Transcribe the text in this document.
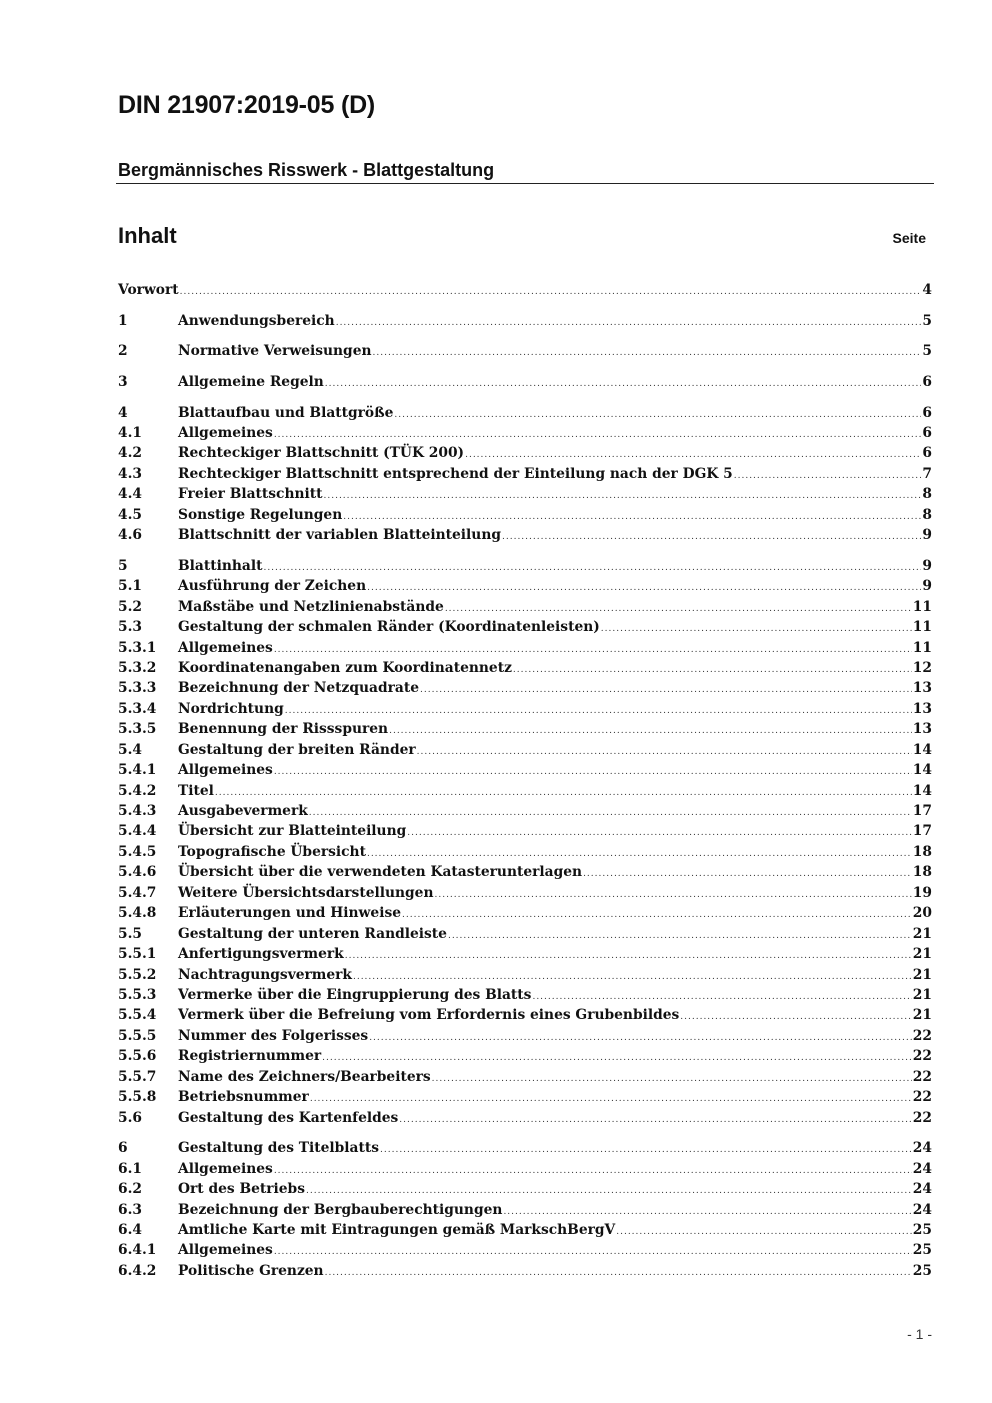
DIN 21907:2019-05 (D)
Bergmännisches Risswerk - Blattgestaltung
Inhalt	Seite
Vorwort .....	4
1	Anwendungsbereich .....	5
2	Normative Verweisungen .....	5
3	Allgemeine Regeln .....	6
4	Blattaufbau und Blattgröße .....	6
4.1	Allgemeines .....	6
4.2	Rechteckiger Blattschnitt (TÜK 200) .....	6
4.3	Rechteckiger Blattschnitt entsprechend der Einteilung nach der DGK 5 .....	7
4.4	Freier Blattschnitt .....	8
4.5	Sonstige Regelungen .....	8
4.6	Blattschnitt der variablen Blatteinteilung .....	9
5	Blattinhalt .....	9
5.1	Ausführung der Zeichen .....	9
5.2	Maßstäbe und Netzlinienabstände .....	11
5.3	Gestaltung der schmalen Ränder (Koordinatenleisten) .....	11
5.3.1	Allgemeines .....	11
5.3.2	Koordinatenangaben zum Koordinatennetz .....	12
5.3.3	Bezeichnung der Netzquadrate .....	13
5.3.4	Nordrichtung .....	13
5.3.5	Benennung der Rissspuren .....	13
5.4	Gestaltung der breiten Ränder .....	14
5.4.1	Allgemeines .....	14
5.4.2	Titel .....	14
5.4.3	Ausgabevermerk .....	17
5.4.4	Übersicht zur Blatteinteilung .....	17
5.4.5	Topografische Übersicht .....	18
5.4.6	Übersicht über die verwendeten Katasterunterlagen .....	18
5.4.7	Weitere Übersichtsdarstellungen .....	19
5.4.8	Erläuterungen und Hinweise .....	20
5.5	Gestaltung der unteren Randleiste .....	21
5.5.1	Anfertigungsvermerk .....	21
5.5.2	Nachtragungsvermerk .....	21
5.5.3	Vermerke über die Eingruppierung des Blatts .....	21
5.5.4	Vermerk über die Befreiung vom Erfordernis eines Grubenbildes .....	21
5.5.5	Nummer des Folgerisses .....	22
5.5.6	Registriernummer .....	22
5.5.7	Name des Zeichners/Bearbeiters .....	22
5.5.8	Betriebsnummer .....	22
5.6	Gestaltung des Kartenfeldes .....	22
6	Gestaltung des Titelblatts .....	24
6.1	Allgemeines .....	24
6.2	Ort des Betriebs .....	24
6.3	Bezeichnung der Bergbauberechtigungen .....	24
6.4	Amtliche Karte mit Eintragungen gemäß MarkschBergV .....	25
6.4.1	Allgemeines .....	25
6.4.2	Politische Grenzen .....	25
- 1 -
